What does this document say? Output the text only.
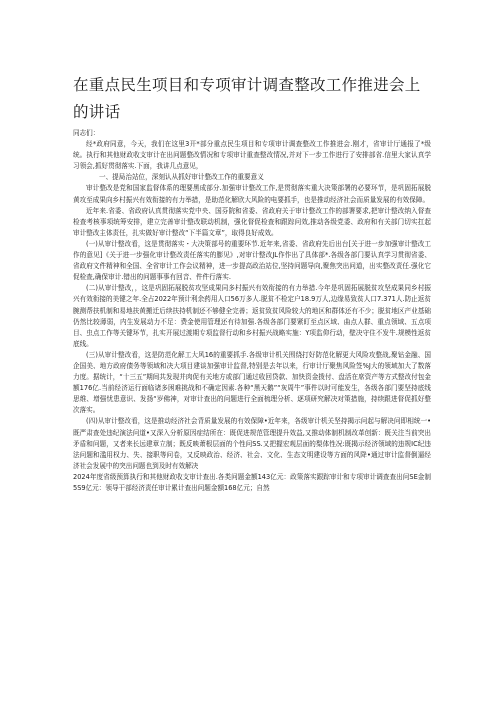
在重点民生项目和专项审计调查整改工作推进会上的讲话

同志们：

经*政府同意，今天，我们在这里3开*部分重点民生项目和专项审计调查整改工作推进会.刚才，省审计厅通报了*级统。执行和其他财政收支审计在出问题整改情况和专项审计重查整改情况,并对下一步工作进行了安排部省.信里大家认真学习领会,抓好贯彻落实.下面，我讲几点意见，

一、提局治站位，深刻认从抓好审计整改工作的重要意义

审计整改是党和国家监督体系的理要黑成部分.加强审计整改工作,是贯彻落实重大决策部署的必要环节，是巩固拓展脱黄攻至成果向乡村振兴有效衔接的有力举措，是助范化解欣大风险的电要抓手，也是推动经济社会而质量发展的有效保障。

近年来.省委、省政府认真贯彻落实党中央、国芬院和省委、省政府关于审计整改工作的部署要求,把审计整改纳入督查检查考核事项统筹安排，建立完善审计整改联动机制，强化督促检查和跟踪问效,推动各级党委、政府和有关部门切实扛起审计整改主体责任，扎实做好审计整改“下半篇文章”，取得良好成效。

(一)从审计整改看，这是贯彻落实・大决策部号的重要环节.近年来,省委、省政府先后出台[关于进一步加强审计整改工作的意见]《关于进一步强化审计整改责任落实的膨见》,对审计整改JL作作出了具体部*.各级各部门要认真学习贯彻省委、省政府文件精神和全国、全省审计工作会议精神，进一步提高政治站位,坚持问题导向,聚焦突出问道，出实整改责任.强化它促检查,确保审计.错出的问题事事有回音、件件行落实.

(二)从审计整改，，这是巩固拓展脱贫攻坚成果同多村振兴有效衔接的有力举措.今年是巩固拓展脱贫攻坚成果同乡村振兴有效衔接的美键之年.全占2022年预计利余药用人口56万多人.脱贫不检定户18.9万人,边缘易致贫人口7.371人.防止返贫腕测帮扶机制和易地扶黄搬迁后续扶持机制还不够健全完善；返贫致贫风险较大的地区和群体还有不少；脱贫地区产业基础仍然比较薄弱，内生发展动力不足：费金使用管理还有待加强.各级各部门要紧盯至点区域、曲点人群、重点领域、五点项目、虫点工作等关键环节，扎实开展过渡期专项监督行动和乡村振兴战略实施：Y项监仰行动，壁决守住不发牛.规模性返贫底线。

(三)从审计整改看，这是防范化解工大风16的重要抓手.各级审计机关围绕打好防范化解更大风险攻整战,聚钻金融、国企国美、地方政府债务等领域和决大项目建谈加强审计监督,特别是去年以来，行审计厅聚焦风险签%J大的领域加大了数落力度。据统计，“十三五”期间共发现并肉促有关地方或部门通过收回贷款、加快资金拨付、盘活在席资产等方式整改付包金额176亿.当前经济运行面临诸多困难挑战和不确定因素.各种“黑天鹅”“灰周牛”事件以时可能发生，各级各部门要坚持底线思维、增强忧患意识、发扬“岁佛神，对审计查出的问题进行全面梳理分析、逐项研究解决对策措施，持续跟进督促抓好整次落实。

(四)从审计整改看，这是推动经济社会背质量发展的有效保障•近年来，各级审计机关坚持揭示问起与解决问即相统一•既严肃查处违纪演法问道•又深入分析原因症结所在：既促进规范管理提升效益,又推动体制机制改革创新：既关注当前突出矛盾和问题，又者来长远建章立制；既反映萧根层面的个性问SS.又把握宏观层面的梨体性况:既揭示经济领域的违规IC纪违法问题和滥用权力、失、接职等问卷，又反映政治、经济、社会、文化、生态文明建设等方面的风降•通过审计监督倒逼经济社会发展中的突出问题也到及时有效解决

2024年度省级预算执行和其他财政收支审计查出.各类问题金额143亿元：政策落实跟踪审计和专项审计调查查出问SE金制5S9亿元：领导干部经济责任审计累计查出问题金额168亿元；自然
